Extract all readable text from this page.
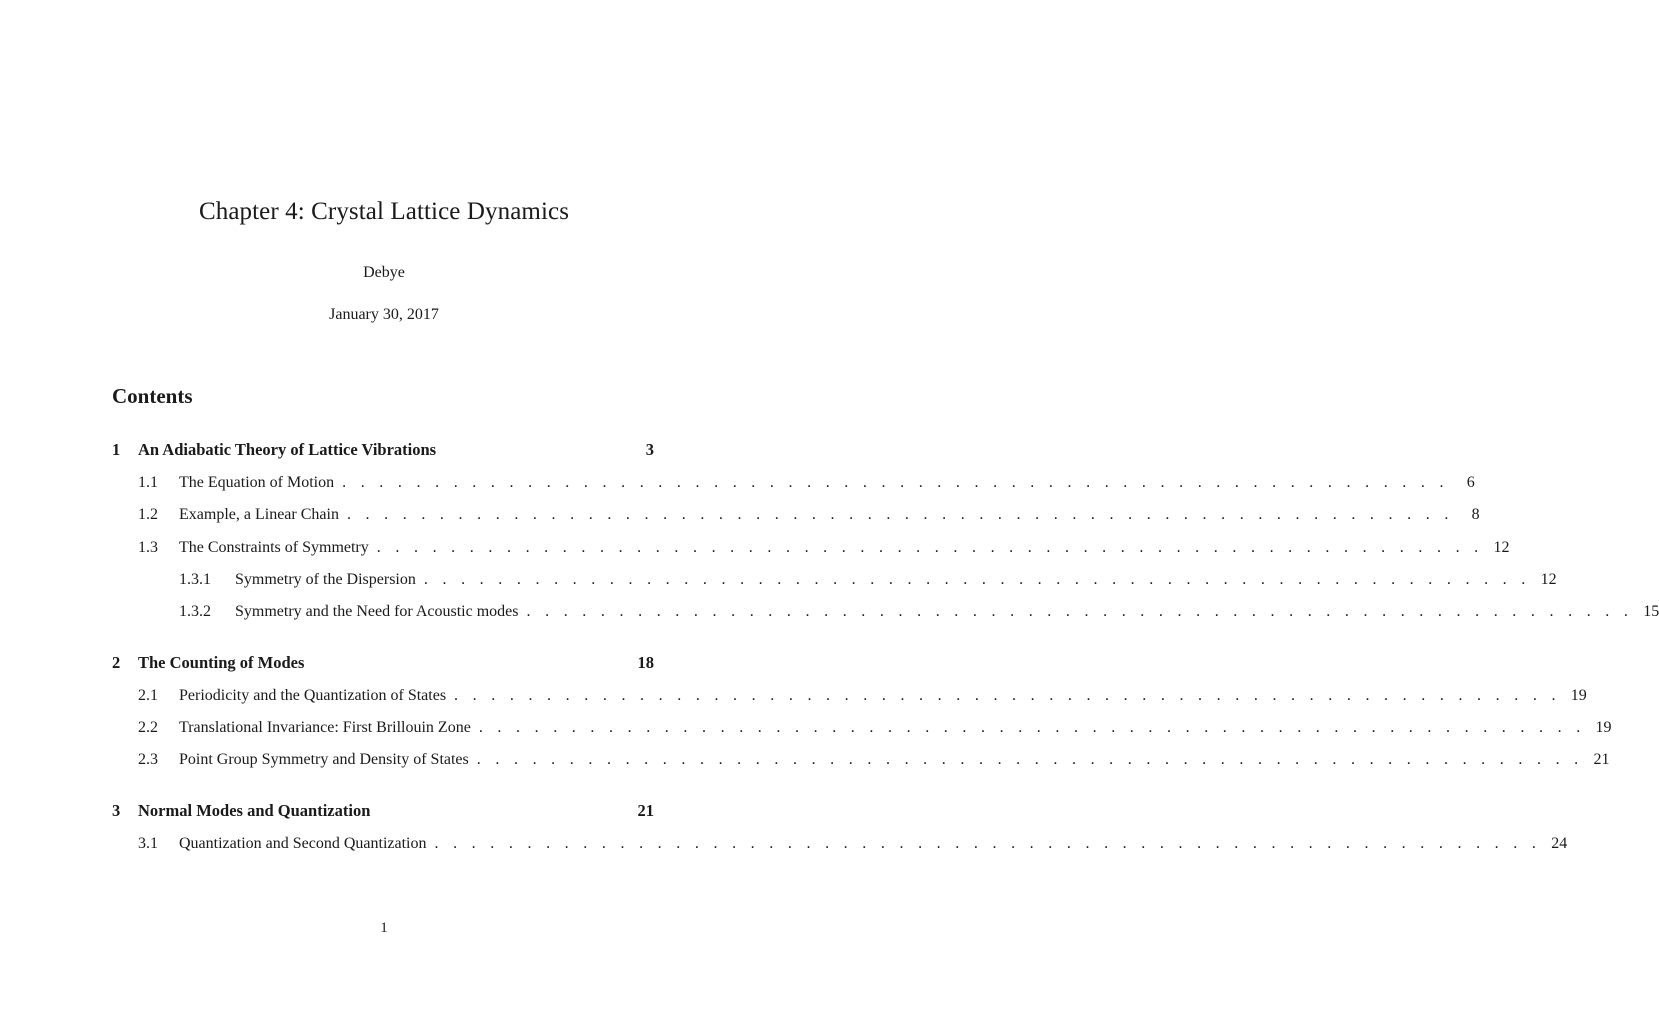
Chapter 4: Crystal Lattice Dynamics
Debye
January 30, 2017
Contents
1	An Adiabatic Theory of Lattice Vibrations	3
1.1	The Equation of Motion . . . . . . . . . . . . . . . . . . . . . . . . . . . . . . . . . . . . . . . . . . . . . . . . . . . . . . . . . . . .	6
1.2	Example, a Linear Chain . . . . . . . . . . . . . . . . . . . . . . . . . . . . . . . . . . . . . . . . . . . . . . . . . . . . . . . . . . . .	8
1.3	The Constraints of Symmetry . . . . . . . . . . . . . . . . . . . . . . . . . . . . . . . . . . . . . . . . . . . . . . . . . . . . . . . . . . . . 12
1.3.1	Symmetry of the Dispersion . . . . . . . . . . . . . . . . . . . . . . . . . . . . . . . . . . . . . . . . . . . . . . . . . . . . . . . . . . . . 12
1.3.2	Symmetry and the Need for Acoustic modes . . . . . . . . . . . . . . . . . . . . . . . . . . . . . . . . . . . . . . . . . . . . . . . . . . . . . . . . . . . . 15
2	The Counting of Modes	18
2.1	Periodicity and the Quantization of States . . . . . . . . . . . . . . . . . . . . . . . . . . . . . . . . . . . . . . . . . . . . . . . . . . . . . . . . . . . . 19
2.2	Translational Invariance: First Brillouin Zone . . . . . . . . . . . . . . . . . . . . . . . . . . . . . . . . . . . . . . . . . . . . . . . . . . . . . . . . . . . . 19
2.3	Point Group Symmetry and Density of States . . . . . . . . . . . . . . . . . . . . . . . . . . . . . . . . . . . . . . . . . . . . . . . . . . . . . . . . . . . . 21
3	Normal Modes and Quantization	21
3.1	Quantization and Second Quantization . . . . . . . . . . . . . . . . . . . . . . . . . . . . . . . . . . . . . . . . . . . . . . . . . . . . . . . . . . . . 24
1
